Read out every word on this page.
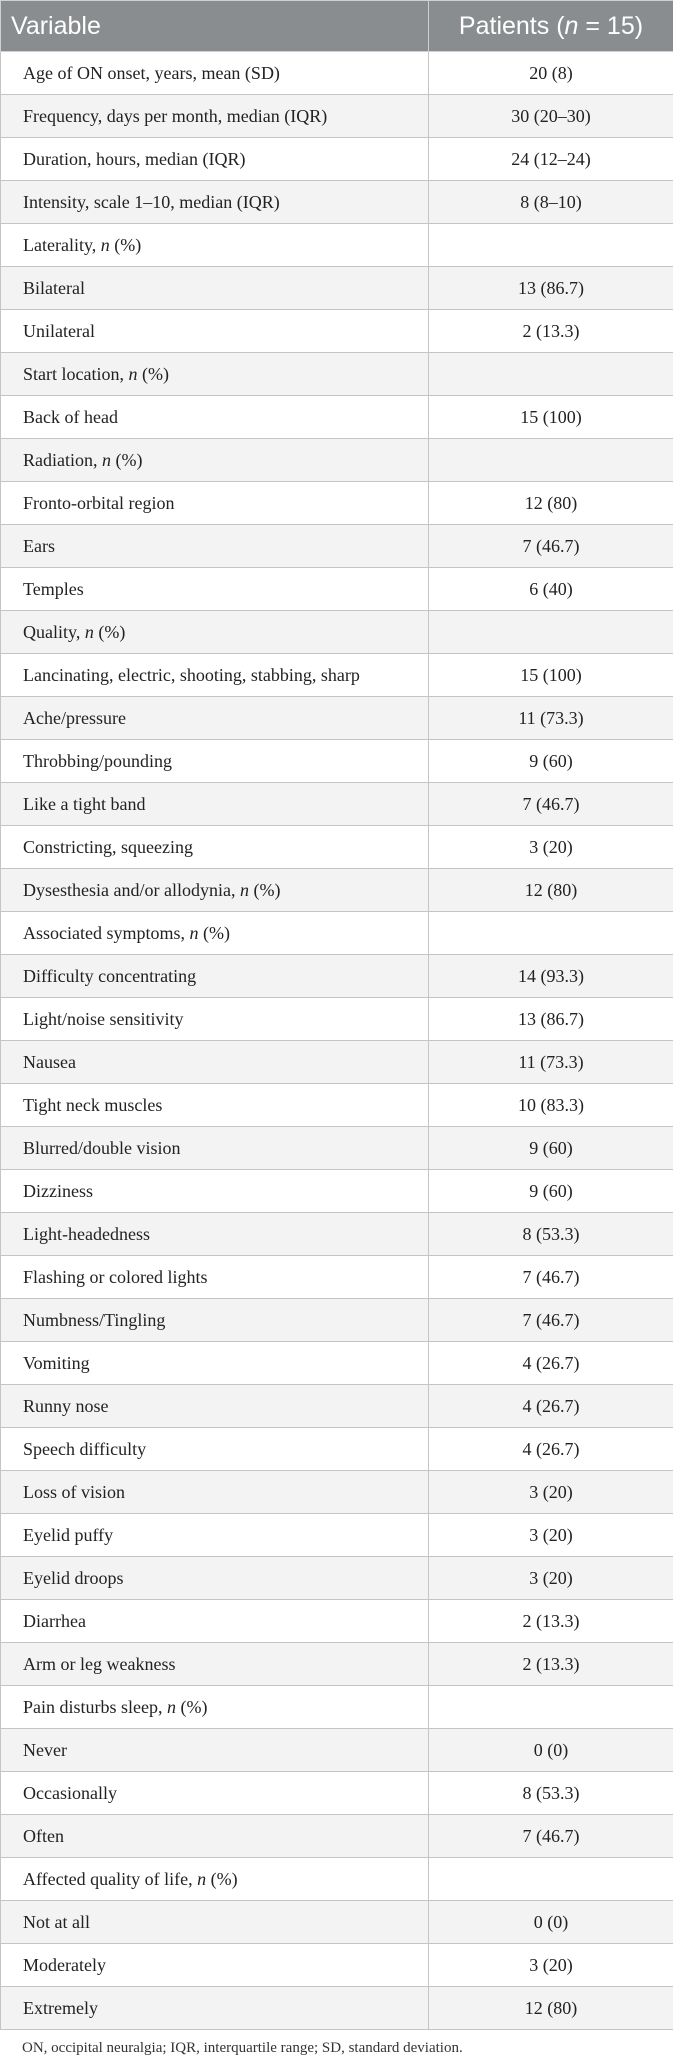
Variable	Patients (n = 15)
Age of ON onset, years, mean (SD)	20 (8)
Frequency, days per month, median (IQR)	30 (20–30)
Duration, hours, median (IQR)	24 (12–24)
Intensity, scale 1–10, median (IQR)	8 (8–10)
Laterality, n (%)	
Bilateral	13 (86.7)
Unilateral	2 (13.3)
Start location, n (%)	
Back of head	15 (100)
Radiation, n (%)	
Fronto-orbital region	12 (80)
Ears	7 (46.7)
Temples	6 (40)
Quality, n (%)	
Lancinating, electric, shooting, stabbing, sharp	15 (100)
Ache/pressure	11 (73.3)
Throbbing/pounding	9 (60)
Like a tight band	7 (46.7)
Constricting, squeezing	3 (20)
Dysesthesia and/or allodynia, n (%)	12 (80)
Associated symptoms, n (%)	
Difficulty concentrating	14 (93.3)
Light/noise sensitivity	13 (86.7)
Nausea	11 (73.3)
Tight neck muscles	10 (83.3)
Blurred/double vision	9 (60)
Dizziness	9 (60)
Light-headedness	8 (53.3)
Flashing or colored lights	7 (46.7)
Numbness/Tingling	7 (46.7)
Vomiting	4 (26.7)
Runny nose	4 (26.7)
Speech difficulty	4 (26.7)
Loss of vision	3 (20)
Eyelid puffy	3 (20)
Eyelid droops	3 (20)
Diarrhea	2 (13.3)
Arm or leg weakness	2 (13.3)
Pain disturbs sleep, n (%)	
Never	0 (0)
Occasionally	8 (53.3)
Often	7 (46.7)
Affected quality of life, n (%)	
Not at all	0 (0)
Moderately	3 (20)
Extremely	12 (80)
ON, occipital neuralgia; IQR, interquartile range; SD, standard deviation.
